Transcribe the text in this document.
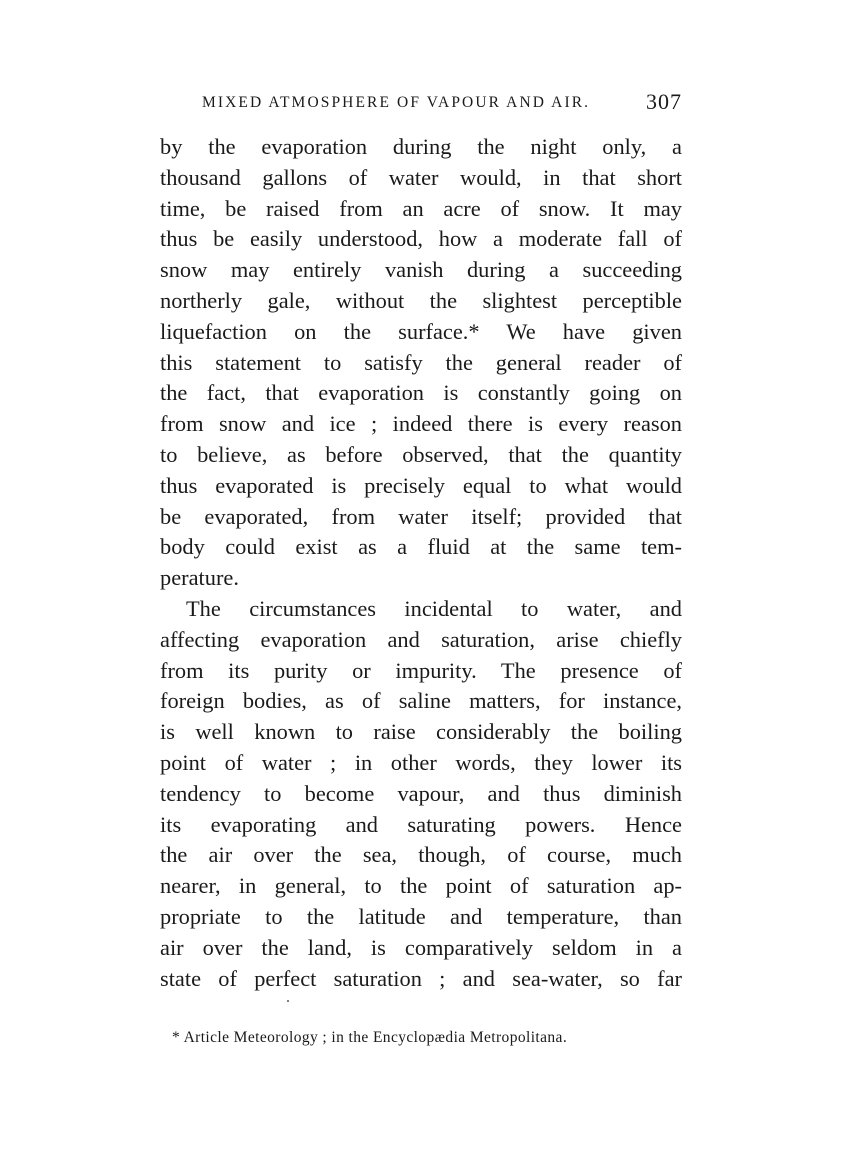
MIXED ATMOSPHERE OF VAPOUR AND AIR.	307
by the evaporation during the night only, a
thousand gallons of water would, in that short
time, be raised from an acre of snow. It may
thus be easily understood, how a moderate fall of
snow may entirely vanish during a succeeding
northerly gale, without the slightest perceptible
liquefaction on the surface.* We have given
this statement to satisfy the general reader of
the fact, that evaporation is constantly going on
from snow and ice ; indeed there is every reason
to believe, as before observed, that the quantity
thus evaporated is precisely equal to what would
be evaporated, from water itself; provided that
body could exist as a fluid at the same tem-
perature.
The circumstances incidental to water, and
affecting evaporation and saturation, arise chiefly
from its purity or impurity. The presence of
foreign bodies, as of saline matters, for instance,
is well known to raise considerably the boiling
point of water ; in other words, they lower its
tendency to become vapour, and thus diminish
its evaporating and saturating powers. Hence
the air over the sea, though, of course, much
nearer, in general, to the point of saturation ap-
propriate to the latitude and temperature, than
air over the land, is comparatively seldom in a
state of perfect saturation ; and sea-water, so far
* Article Meteorology ; in the Encyclopædia Metropolitana.
